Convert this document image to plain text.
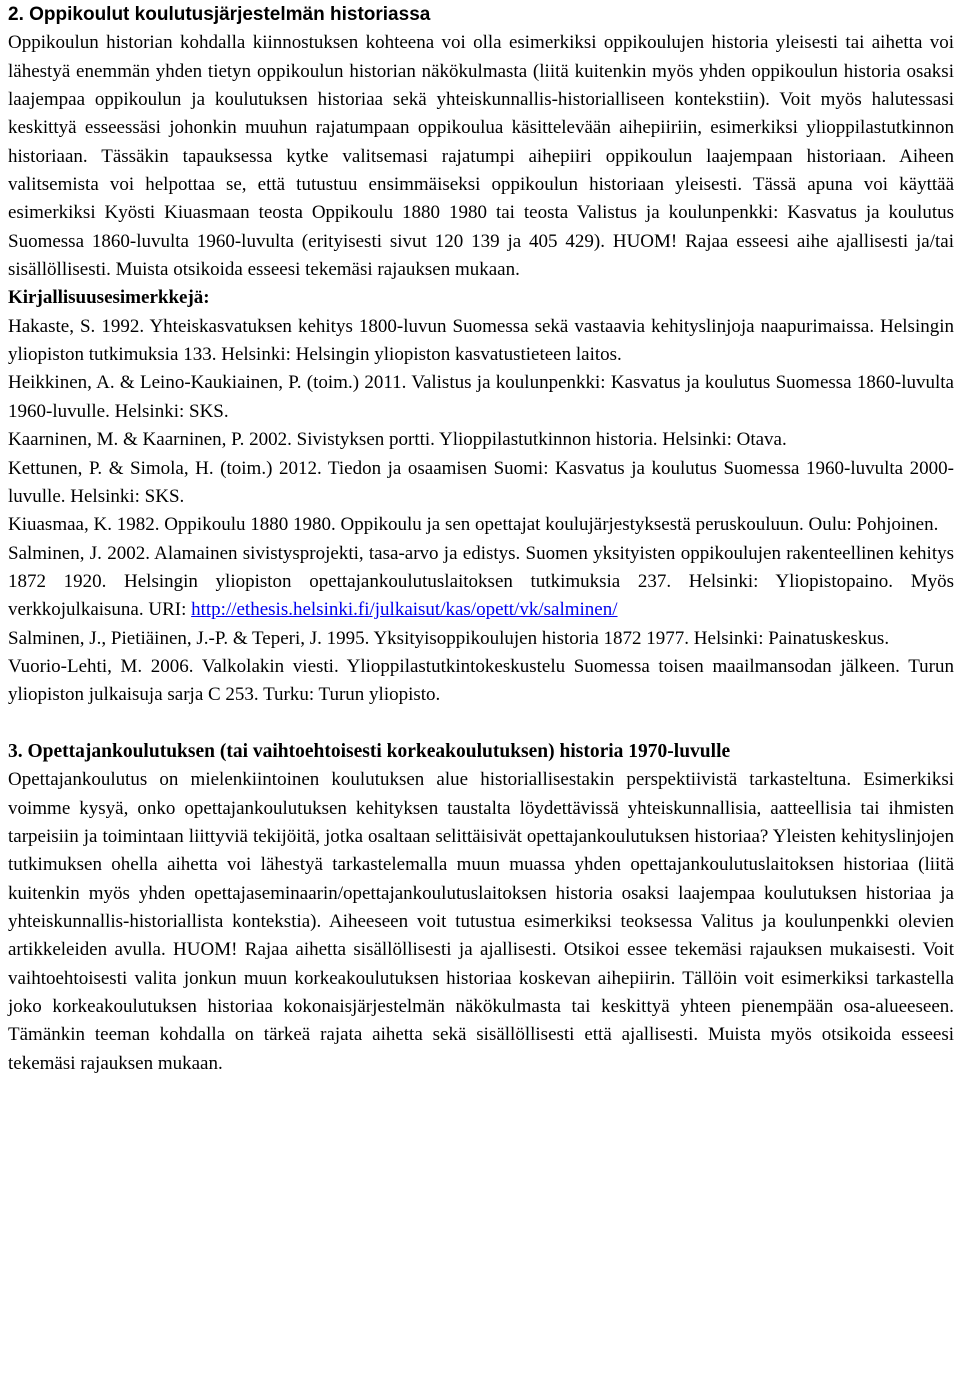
2. Oppikoulut koulutusjärjestelmän historiassa

Oppikoulun historian kohdalla kiinnostuksen kohteena voi olla esimerkiksi oppikoulujen historia yleisesti tai aihetta voi lähestyä enemmän yhden tietyn oppikoulun historian näkökulmasta (liitä kuitenkin myös yhden oppikoulun historia osaksi laajempaa oppikoulun ja koulutuksen historiaa sekä yhteiskunnallis-historialliseen kontekstiin). Voit myös halutessasi keskittyä esseessäsi johonkin muuhun rajatumpaan oppikoulua käsittelevään aihepiiriin, esimerkiksi ylioppilastutkinnon historiaan. Tässäkin tapauksessa kytke valitsemasi rajatumpi aihepiiri oppikoulun laajempaan historiaan. Aiheen valitsemista voi helpottaa se, että tutustuu ensimmäiseksi oppikoulun historiaan yleisesti. Tässä apuna voi käyttää esimerkiksi Kyösti Kiuasmaan teosta Oppikoulu 1880 1980 tai teosta Valistus ja koulunpenkki: Kasvatus ja koulutus Suomessa 1860-luvulta 1960-luvulta (erityisesti sivut 120 139 ja 405 429). HUOM! Rajaa esseesi aihe ajallisesti ja/tai sisällöllisesti. Muista otsikoida esseesi tekemäsi rajauksen mukaan.

Kirjallisuusesimerkkejä:

Hakaste, S. 1992. Yhteiskasvatuksen kehitys 1800-luvun Suomessa sekä vastaavia kehityslinjoja naapurimaissa. Helsingin yliopiston tutkimuksia 133. Helsinki: Helsingin yliopiston kasvatustieteen laitos.

Heikkinen, A. & Leino-Kaukiainen, P. (toim.) 2011. Valistus ja koulunpenkki: Kasvatus ja koulutus Suomessa 1860-luvulta 1960-luvulle. Helsinki: SKS.

Kaarninen, M. & Kaarninen, P. 2002. Sivistyksen portti. Ylioppilastutkinnon historia. Helsinki: Otava.

Kettunen, P. & Simola, H. (toim.) 2012. Tiedon ja osaamisen Suomi: Kasvatus ja koulutus Suomessa 1960-luvulta 2000-luvulle. Helsinki: SKS.

Kiuasmaa, K. 1982. Oppikoulu 1880 1980. Oppikoulu ja sen opettajat koulujärjestyksestä peruskouluun. Oulu: Pohjoinen.

Salminen, J. 2002. Alamainen sivistysprojekti, tasa-arvo ja edistys. Suomen yksityisten oppikoulujen rakenteellinen kehitys 1872 1920. Helsingin yliopiston opettajankoulutuslaitoksen tutkimuksia 237. Helsinki: Yliopistopaino. Myös verkkojulkaisuna. URI: http://ethesis.helsinki.fi/julkaisut/kas/opett/vk/salminen/

Salminen, J., Pietiäinen, J.-P. & Teperi, J. 1995. Yksityisoppikoulujen historia 1872 1977. Helsinki: Painatuskeskus.

Vuorio-Lehti, M. 2006. Valkolakin viesti. Ylioppilastutkintokeskustelu Suomessa toisen maailmansodan jälkeen. Turun yliopiston julkaisuja sarja C 253. Turku: Turun yliopisto.

3. Opettajankoulutuksen (tai vaihtoehtoisesti korkeakoulutuksen) historia 1970-luvulle

Opettajankoulutus on mielenkiintoinen koulutuksen alue historiallisestakin perspektiivistä tarkasteltuna. Esimerkiksi voimme kysyä, onko opettajankoulutuksen kehityksen taustalta löydettävissä yhteiskunnallisia, aatteellisia tai ihmisten tarpeisiin ja toimintaan liittyviä tekijöitä, jotka osaltaan selittäisivät opettajankoulutuksen historiaa? Yleisten kehityslinjojen tutkimuksen ohella aihetta voi lähestyä tarkastelemalla muun muassa yhden opettajankoulutuslaitoksen historiaa (liitä kuitenkin myös yhden opettajaseminaarin/opettajankoulutuslaitoksen historia osaksi laajempaa koulutuksen historiaa ja yhteiskunnallis-historiallista kontekstia). Aiheeseen voit tutustua esimerkiksi teoksessa Valitus ja koulunpenkki olevien artikkeleiden avulla. HUOM! Rajaa aihetta sisällöllisesti ja ajallisesti. Otsikoi essee tekemäsi rajauksen mukaisesti. Voit vaihtoehtoisesti valita jonkun muun korkeakoulutuksen historiaa koskevan aihepiirin. Tällöin voit esimerkiksi tarkastella joko korkeakoulutuksen historiaa kokonaisjärjestelmän näkökulmasta tai keskittyä yhteen pienempään osa-alueeseen. Tämänkin teeman kohdalla on tärkeä rajata aihetta sekä sisällöllisesti että ajallisesti. Muista myös otsikoida esseesi tekemäsi rajauksen mukaan.
